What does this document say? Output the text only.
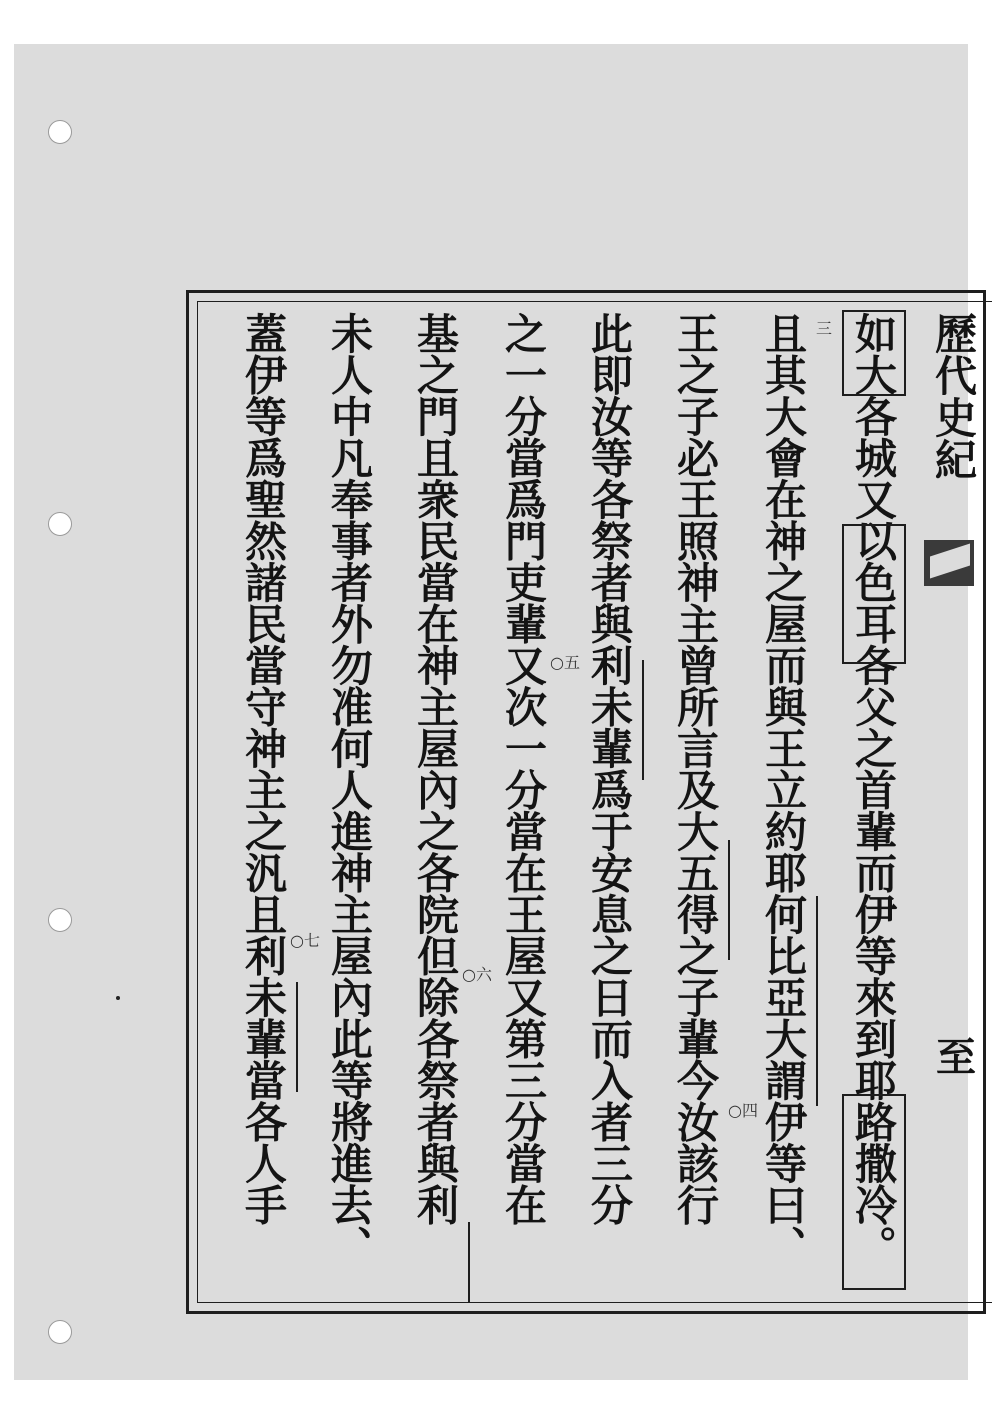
歷代史紀
至
如大各城又以色耳各父之首輩而伊等來到耶路撒冷。
且其大會在神之屋而與王立約耶何比亞大謂伊等曰、
王之子必王照神主曾所言及大五得之子輩今汝該行
此即汝等各祭者與利未輩爲于安息之日而入者三分
之一分當爲門吏輩又次一分當在王屋又第三分當在
基之門且衆民當在神主屋內之各院但除各祭者與利
未人中凡奉事者外勿准何人進神主屋內此等將進去、
蓋伊等爲聖然諸民當守神主之汎且利未輩當各人手	三
○四
○五
○六
○七
